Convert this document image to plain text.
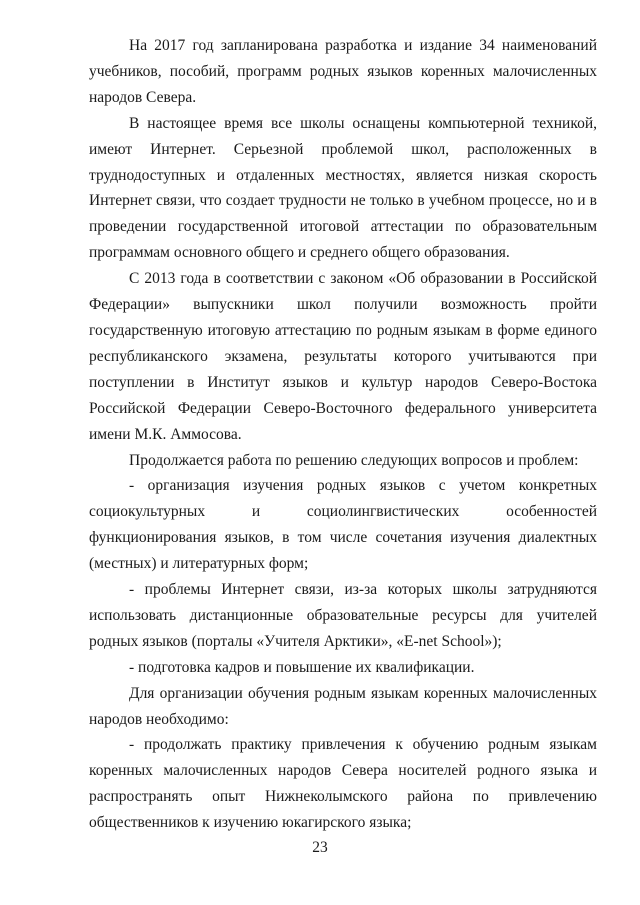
На 2017 год запланирована разработка и издание 34 наименований учебников, пособий, программ родных языков коренных малочисленных народов Севера.

В настоящее время все школы оснащены компьютерной техникой, имеют Интернет. Серьезной проблемой школ, расположенных в труднодоступных и отдаленных местностях, является низкая скорость Интернет связи, что создает трудности не только в учебном процессе, но и в проведении государственной итоговой аттестации по образовательным программам основного общего и среднего общего образования.

С 2013 года в соответствии с законом «Об образовании в Российской Федерации» выпускники школ получили возможность пройти государственную итоговую аттестацию по родным языкам в форме единого республиканского экзамена, результаты которого учитываются при поступлении в Институт языков и культур народов Северо-Востока Российской Федерации Северо-Восточного федерального университета имени М.К. Аммосова.

Продолжается работа по решению следующих вопросов и проблем:

- организация изучения родных языков с учетом конкретных социокультурных и социолингвистических особенностей функционирования языков, в том числе сочетания изучения диалектных (местных) и литературных форм;

- проблемы Интернет связи, из-за которых школы затрудняются использовать дистанционные образовательные ресурсы для учителей родных языков (порталы «Учителя Арктики», «E-net School»);

- подготовка кадров и повышение их квалификации.

Для организации обучения родным языкам коренных малочисленных народов необходимо:

- продолжать практику привлечения к обучению родным языкам коренных малочисленных народов Севера носителей родного языка и распространять опыт Нижнеколымского района по привлечению общественников к изучению юкагирского языка;

23
